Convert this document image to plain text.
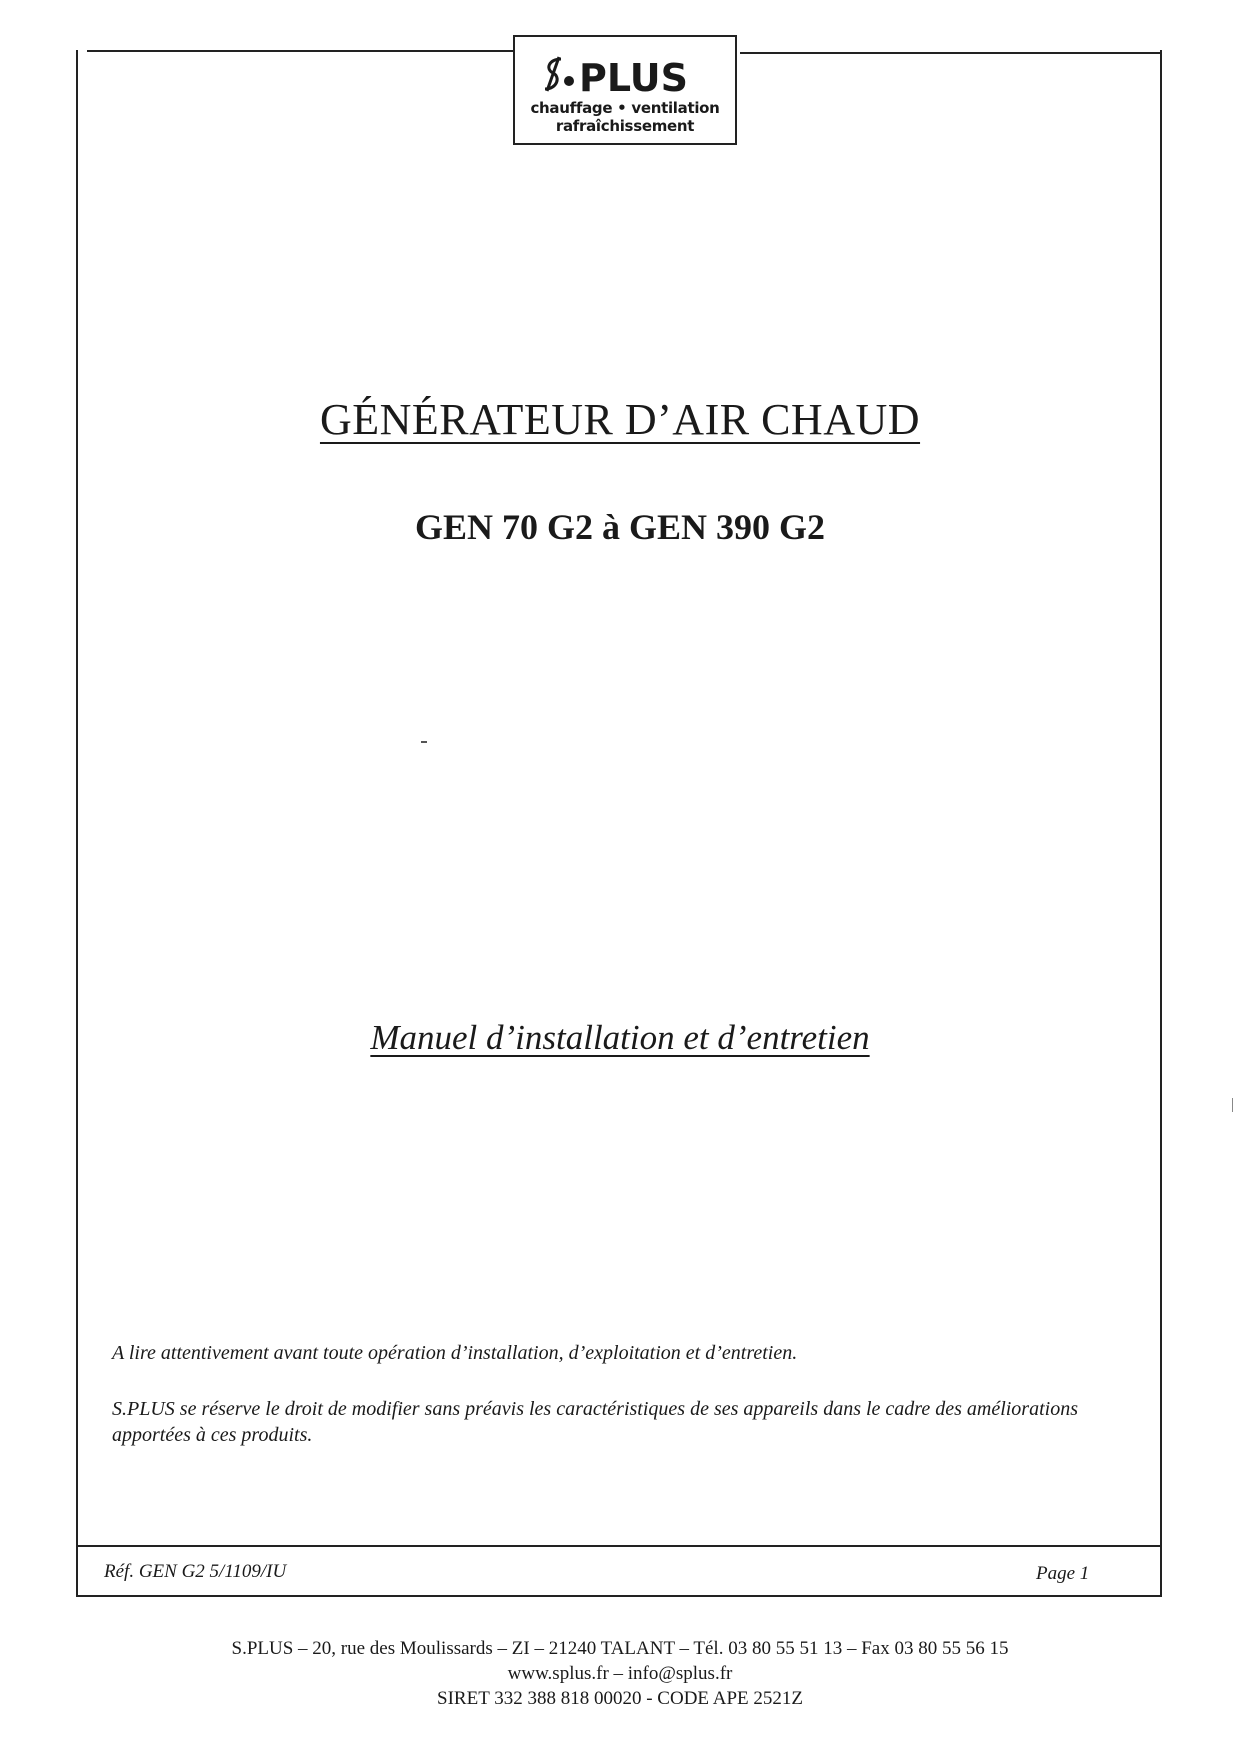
PLUS
chauffage • ventilation
rafraîchissement
GÉNÉRATEUR D’AIR CHAUD
GEN 70 G2 à GEN 390 G2
Manuel d’installation et d’entretien
A lire attentivement avant toute opération d’installation, d’exploitation et d’entretien.
S.PLUS se réserve le droit de modifier sans préavis les caractéristiques de ses appareils dans le cadre des améliorations apportées à ces produits.
Réf. GEN G2 5/1109/IU	Page 1
S.PLUS – 20, rue des Moulissards – ZI – 21240 TALANT – Tél. 03 80 55 51 13 – Fax 03 80 55 56 15
www.splus.fr – info@splus.fr
SIRET 332 388 818 00020 - CODE APE 2521Z
